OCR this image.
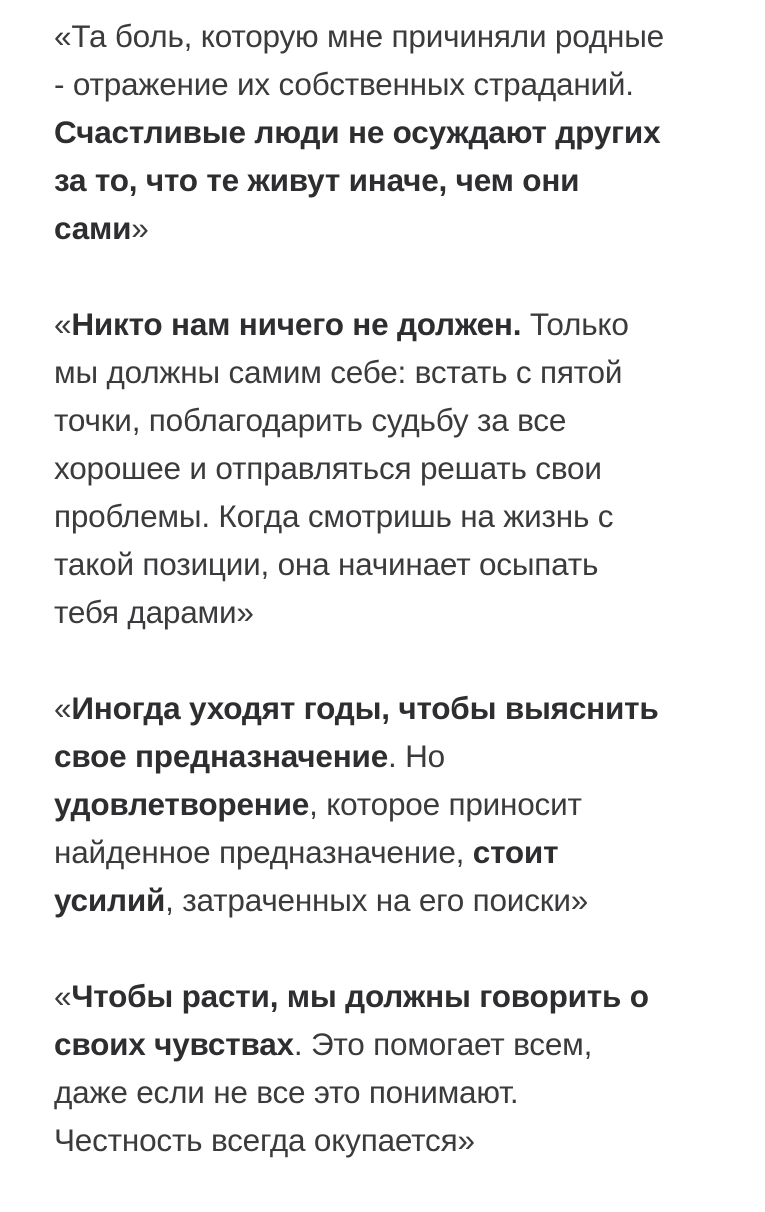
«Та боль, которую мне причиняли родные
- отражение их собственных страданий.
Счастливые люди не осуждают других
за то, что те живут иначе, чем они
сами»
«Никто нам ничего не должен. Только
мы должны самим себе: встать с пятой
точки, поблагодарить судьбу за все
хорошее и отправляться решать свои
проблемы. Когда смотришь на жизнь с
такой позиции, она начинает осыпать
тебя дарами»
«Иногда уходят годы, чтобы выяснить
свое предназначение. Но
удовлетворение, которое приносит
найденное предназначение, стоит
усилий, затраченных на его поиски»
«Чтобы расти, мы должны говорить о
своих чувствах. Это помогает всем,
даже если не все это понимают.
Честность всегда окупается»
